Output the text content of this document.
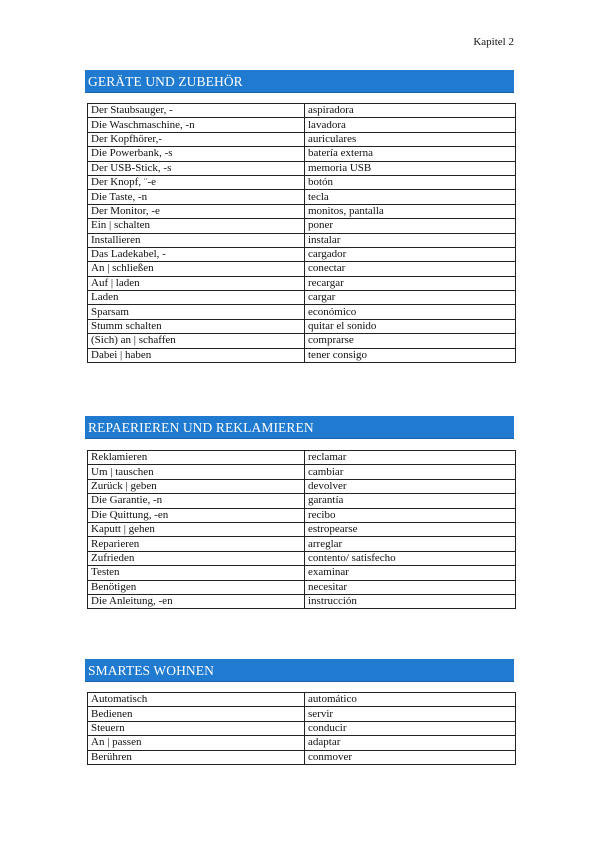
Kapitel 2
GERÄTE UND ZUBEHÖR
Der Staubsauger, -	aspiradora
Die Waschmaschine, -n	lavadora
Der Kopfhörer,-	auriculares
Die Powerbank, -s	batería externa
Der USB-Stick, -s	memoria USB
Der Knopf, ¨-e	botón
Die Taste, -n	tecla
Der Monitor, -e	monitos, pantalla
Ein | schalten	poner
Installieren	instalar
Das Ladekabel, -	cargador
An | schließen	conectar
Auf | laden	recargar
Laden	cargar
Sparsam	económico
Stumm schalten	quitar el sonido
(Sich) an | schaffen	comprarse
Dabei | haben	tener consigo
REPAERIEREN UND REKLAMIEREN
Reklamieren	reclamar
Um | tauschen	cambiar
Zurück | geben	devolver
Die Garantie, -n	garantía
Die Quittung, -en	recibo
Kaputt | gehen	estropearse
Reparieren	arreglar
Zufrieden	contento/ satisfecho
Testen	examinar
Benötigen	necesitar
Die Anleitung, -en	instrucción
SMARTES WOHNEN
Automatisch	automático
Bedienen	servir
Steuern	conducir
An | passen	adaptar
Berühren	conmover
